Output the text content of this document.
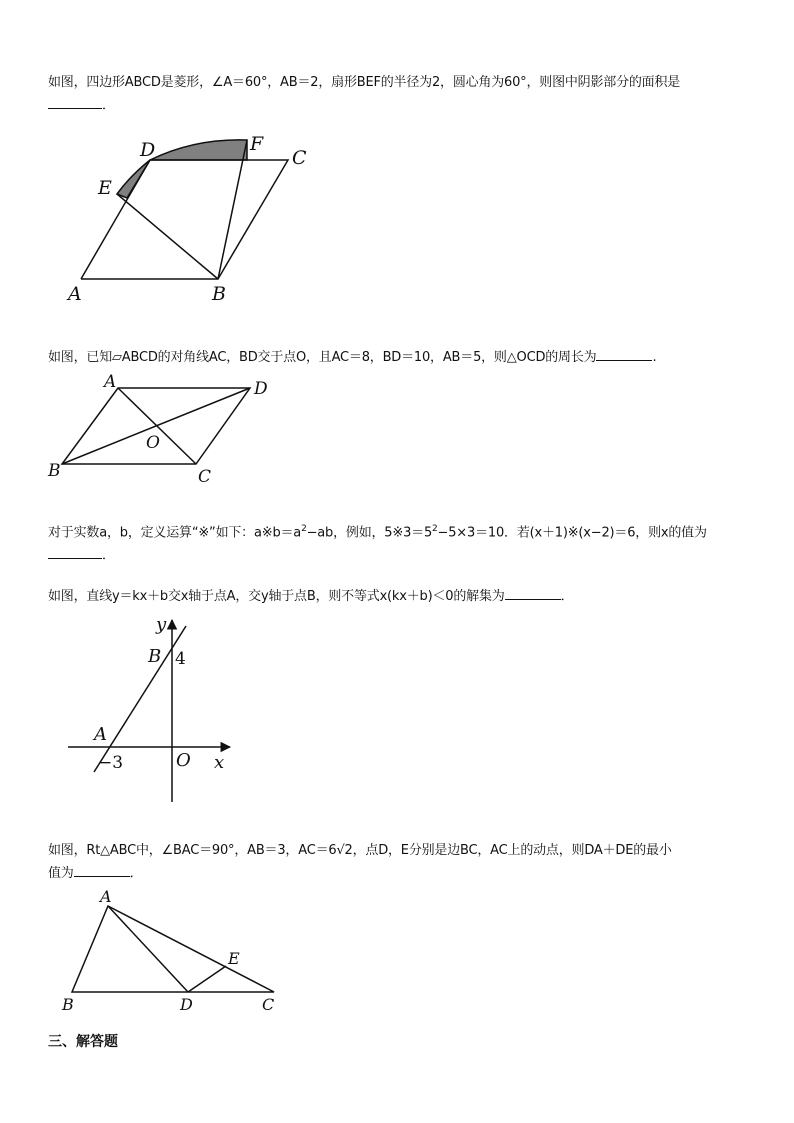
如图，四边形ABCD是菱形，∠A＝60°，AB＝2，扇形BEF的半径为2，圆心角为60°，则图中阴影部分的面积是
．
D	F
C
E
A	B
如图，已知▱ABCD的对角线AC，BD交于点O，且AC＝8，BD＝10，AB＝5，则△OCD的周长为	.
A	D
O
B	C
对于实数a，b，定义运算“※”如下：$a※b=a^2-ab$，例如，$5※3=5^2-5\times 3=10$．若(x＋1)※(x−2)＝6，则x的值为
．
如图，直线y＝kx＋b交x轴于点A，交y轴于点B，则不等式x(kx＋b)＜0的解集为	．
y
B 4
A
−3	O x
如图，Rt△ABC中，∠BAC＝90°，AB＝3，AC＝6√2，点D，E分别是边BC，AC上的动点，则DA＋DE的最小
值为	．
A
E
B	D	C
三、解答题
